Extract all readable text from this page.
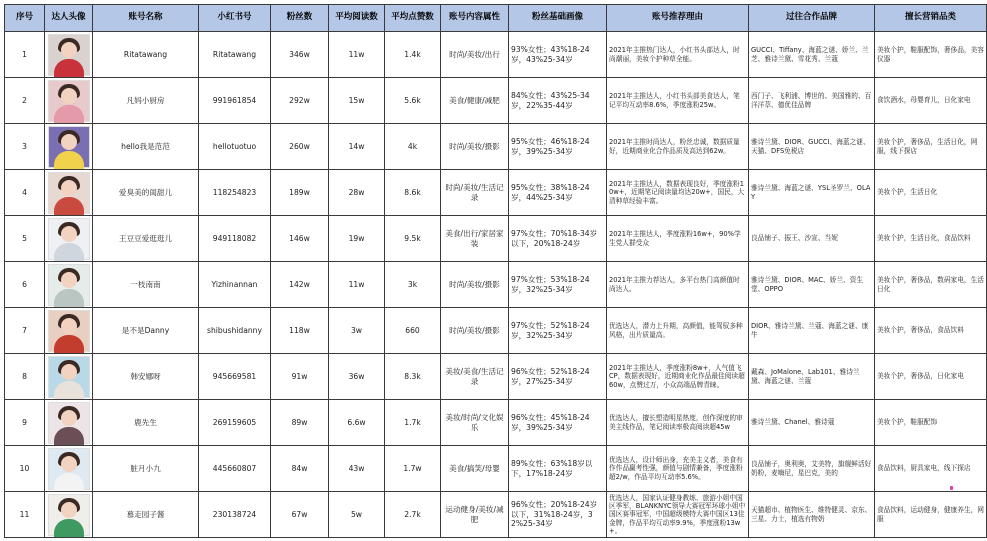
序号	达人头像	账号名称	小红书号	粉丝数	平均阅读数	平均点赞数	账号内容属性	粉丝基础画像	账号推荐理由	过往合作品牌	擅长营销品类

1		Ritatawang	Ritatawang	346w	11w	1.4k	时尚/美妆/出行	93%女性；43%18-24岁，43%25-34岁	2021年主推热门达人，小红书头部达人，时尚潮丽，美妆个护种草全能。	GUCCI、Tiffany、海蓝之谜、娇兰、兰芝、雅诗兰黛、雪花秀、兰蔻	美妆个护，鞋服配饰，奢侈品，美容仪器

2		凡妈小厨房	991961854	292w	15w	5.6k	美食/健康/减肥	84%女性；43%25-34岁，22%35-44岁	2021年主推达人，小红书头部美食达人，笔记平均互动率8.6%，季度涨粉25w。	西门子、飞利浦、博世的、美国雅的、百洋洋萃、德优佳品牌	食饮酒水，母婴育儿，日化家电

3		hello我是范范	hellotuotuo	260w	14w	4k	时尚/美妆/摄影	95%女性；46%18-24岁，39%25-34岁	2021年主推时尚达人，粉丝忠诚，数据质量好，近期商业化合作品质及高达到62w。	雅诗兰黛、DIOR、GUCCI、海蓝之谜、天猫、DFS免税店	美妆个护，奢侈品，生活日化，网服，线下探店

4		爱臭美的闺甜儿	118254823	189w	28w	8.6k	时尚/美妆/生活记录	95%女性；38%18-24岁，44%25-34岁	2021年主推达人，数据表现良好，季度涨粉10w+，近期笔记阅读量均达20w+，国民，大清种草经验丰富。	雅诗兰黛、海蓝之谜、YSL圣罗兰、OLAY	美妆个护，生活日化

5		王豆豆爱逛逛儿	949118082	146w	19w	9.5k	美食/出行/家居家装	97%女性；70%18-34岁以下，20%18-24岁	2021年主推达人，季度涨粉16w+，90%学生党人群受众	良品铺子、振王、沙宣、当妮	美妆个护，生活日化，食品饮料

6		一枝南南	Yizhinannan	142w	11w	3k	时尚/美妆/摄影	97%女性；53%18-24岁，32%25-34岁	2021年主推力荐达人，多平台热门高颜值时尚达人。	雅诗兰黛、DIOR、MAC、娇兰、资生堂、OPPO	美妆个护，奢侈品，数码家电，生活日化

7		是不是Danny	shibushidanny	118w	3w	660	时尚/美妆/摄影	97%女性；52%18-24岁，32%25-34岁	优选达人，潜力上升期，高颜值，能驾驭多种风格，出片质量高。	DIOR、雅诗兰黛、兰蔻、海蓝之谜、康牛	美妆个护，奢侈品，食品饮料

8		韩安娜呀	945669581	91w	36w	8.3k	美妆/美食/生活记录	96%女性；52%18-24岁，27%25-34岁	2021年主推达人，季度涨粉8w+，人气值飞CP，数据表现好，近期商业化作品最佳阅读超60w，点赞过万，小众高端品牌青睐。	戴森、JoMalone、Lab101、雅诗兰黛、海蓝之谜、兰蔻	美妆个护，奢侈品，日化家电

9		鹿先生	269159605	89w	6.6w	1.7k	美妆/时尚/文化娱乐	96%女性；45%18-24岁，39%25-34岁	优选达人，擅长塑造明星热度，创作深度的审美主线作品，笔记阅读率极高阅读超45w	雅诗兰黛、Chanel、雅诗蔻	美妆个护，鞋服配饰

10		脏月小九	445660807	84w	43w	1.7w	美食/搞笑/母婴	89%女性；63%18岁以下，17%18-24岁	优选达人，设计师出身，充美主义者，美食有作作品赢考性强，颜值与剧情兼备，季度涨粉超2/w，作品平均互动率5.6%。	良品铺子，奥利奥，艾美特，旗舰鲜活好奶粉，麦嗨尼，星巴克，美的	食品饮料，厨具家电，线下探店

11		慕走园子酱	230138724	67w	5w	2.7k	运动健身/美妆/减肥	96%女性；20%18-24岁以下，31%18-24岁，32%25-34岁	优选达人，国家认证健身教练、旅游小姐中国区季军，BLANKNYC领导大赛冠军环球小姐中国区赛事冠军，中国超级模特大赛中国区13佳金牌，作品平均互动率9.9%，季度涨粉13w+。	天猫超市、植物医生、维特健灵、京东、三星、力士，植选有物奶	食品饮料，运动健身，健康养生，网服
